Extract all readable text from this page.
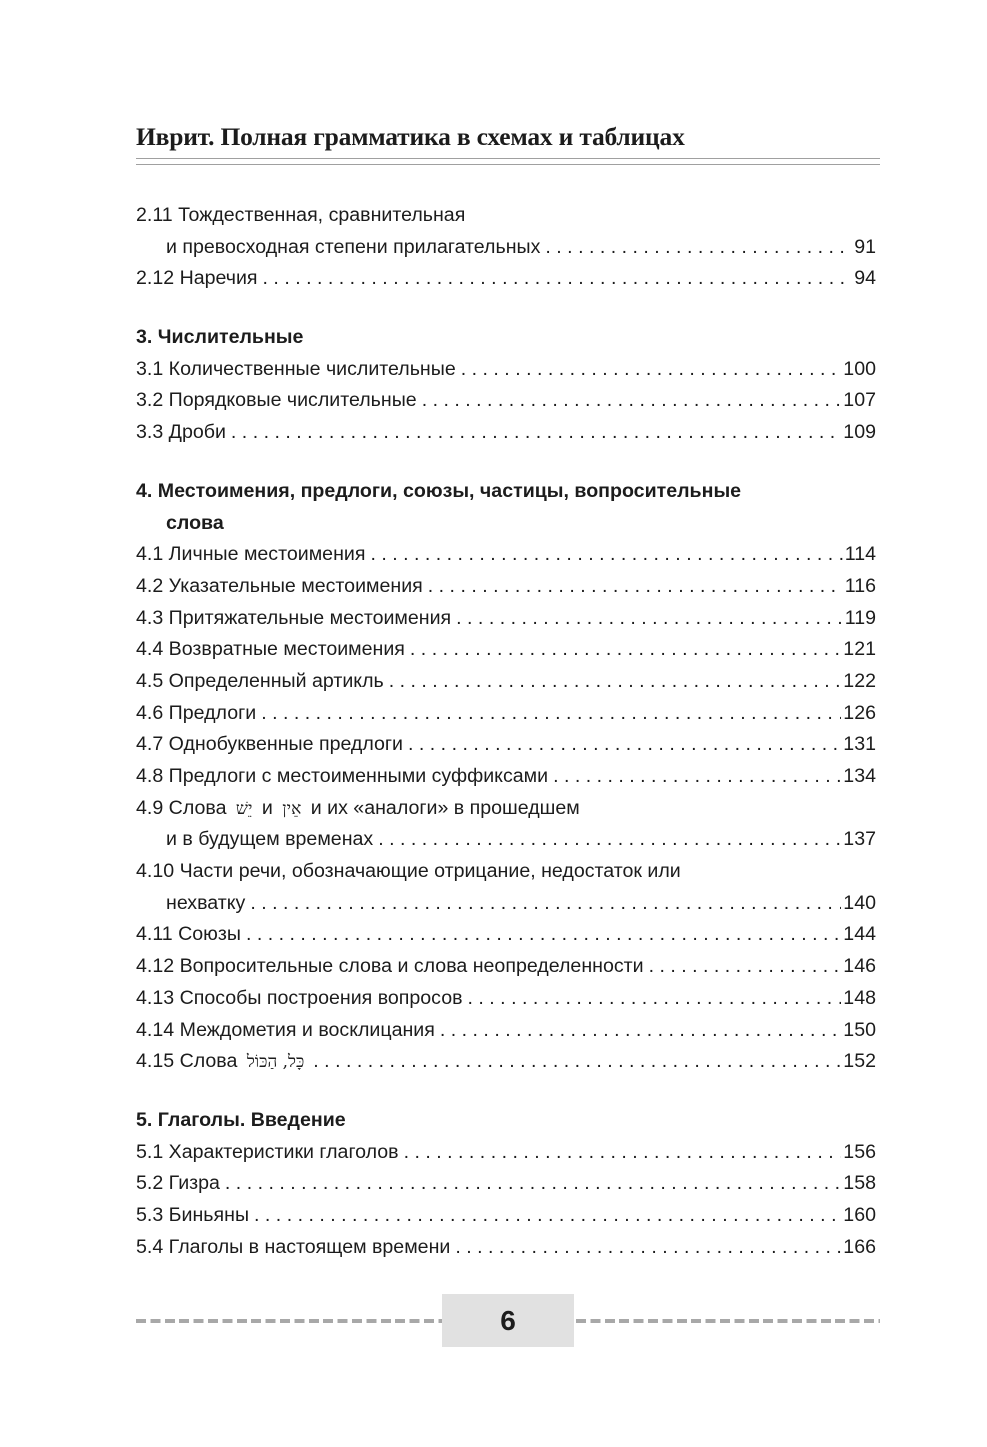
Иврит. Полная грамматика в схемах и таблицах
2.11 Тождественная, сравнительная
и превосходная степени прилагательных . . .	91
2.12 Наречия . . .	94
3. Числительные
3.1 Количественные числительные . . .	100
3.2 Порядковые числительные . . .	107
3.3 Дроби . . .	109
4. Местоимения, предлоги, союзы, частицы, вопросительные
слова
4.1 Личные местоимения . . .	114
4.2 Указательные местоимения . . .	116
4.3 Притяжательные местоимения . . .	119
4.4 Возвратные местоимения . . .	121
4.5 Определенный артикль . . .	122
4.6 Предлоги . . .	126
4.7 Однобуквенные предлоги . . .	131
4.8 Предлоги с местоименными суффиксами . . .	134
4.9 Слова יֵשׁ и אֵין и их «аналоги» в прошедшем
и в будущем временах . . .	137
4.10 Части речи, обозначающие отрицание, недостаток или
нехватку . . .	140
4.11 Союзы . . .	144
4.12 Вопросительные слова и слова неопределенности . . .	146
4.13 Способы построения вопросов . . .	148
4.14 Междометия и восклицания . . .	150
4.15 Слова כָּל, הַכּוֹל . . .	152
5. Глаголы. Введение
5.1 Характеристики глаголов . . .	156
5.2 Гизра . . .	158
5.3 Биньяны . . .	160
5.4 Глаголы в настоящем времени . . .	166
6
